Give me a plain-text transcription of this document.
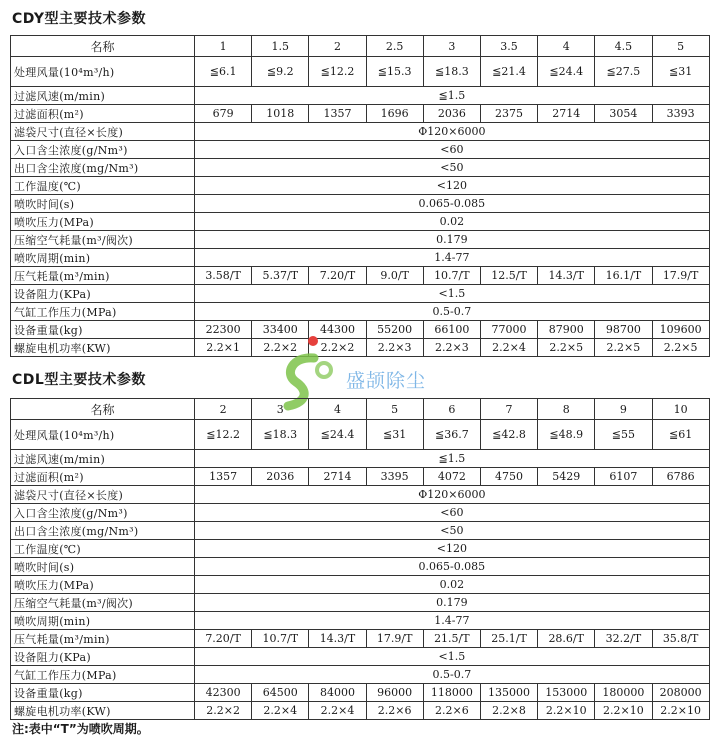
CDY型主要技术参数
名称	1	1.5	2	2.5	3	3.5	4	4.5	5
处理风量(10⁴m³/h)	≦6.1	≦9.2	≦12.2	≦15.3	≦18.3	≦21.4	≦24.4	≦27.5	≦31
过滤风速(m/min)	≦1.5								
过滤面积(m²)	679	1018	1357	1696	2036	2375	2714	3054	3393
滤袋尺寸(直径×长度)	Φ120×6000								
入口含尘浓度(g/Nm³)	<60								
出口含尘浓度(mg/Nm³)	<50								
工作温度(℃)	<120								
喷吹时间(s)	0.065-0.085								
喷吹压力(MPa)	0.02								
压缩空气耗量(m³/阀次)	0.179								
喷吹周期(min)	1.4-77								
压气耗量(m³/min)	3.58/T	5.37/T	7.20/T	9.0/T	10.7/T	12.5/T	14.3/T	16.1/T	17.9/T
设备阻力(KPa)	<1.5								
气缸工作压力(MPa)	0.5-0.7								
设备重量(kg)	22300	33400	44300	55200	66100	77000	87900	98700	109600
螺旋电机功率(KW)	2.2×1	2.2×2	2.2×2	2.2×3	2.2×3	2.2×4	2.2×5	2.2×5	2.2×5
盛颉除尘
CDL型主要技术参数
名称	2	3	4	5	6	7	8	9	10
处理风量(10⁴m³/h)	≦12.2	≦18.3	≦24.4	≦31	≦36.7	≦42.8	≦48.9	≦55	≦61
过滤风速(m/min)	≦1.5								
过滤面积(m²)	1357	2036	2714	3395	4072	4750	5429	6107	6786
滤袋尺寸(直径×长度)	Φ120×6000								
入口含尘浓度(g/Nm³)	<60								
出口含尘浓度(mg/Nm³)	<50								
工作温度(℃)	<120								
喷吹时间(s)	0.065-0.085								
喷吹压力(MPa)	0.02								
压缩空气耗量(m³/阀次)	0.179								
喷吹周期(min)	1.4-77								
压气耗量(m³/min)	7.20/T	10.7/T	14.3/T	17.9/T	21.5/T	25.1/T	28.6/T	32.2/T	35.8/T
设备阻力(KPa)	<1.5								
气缸工作压力(MPa)	0.5-0.7								
设备重量(kg)	42300	64500	84000	96000	118000	135000	153000	180000	208000
螺旋电机功率(KW)	2.2×2	2.2×4	2.2×4	2.2×6	2.2×6	2.2×8	2.2×10	2.2×10	2.2×10
注:表中“T”为喷吹周期。
